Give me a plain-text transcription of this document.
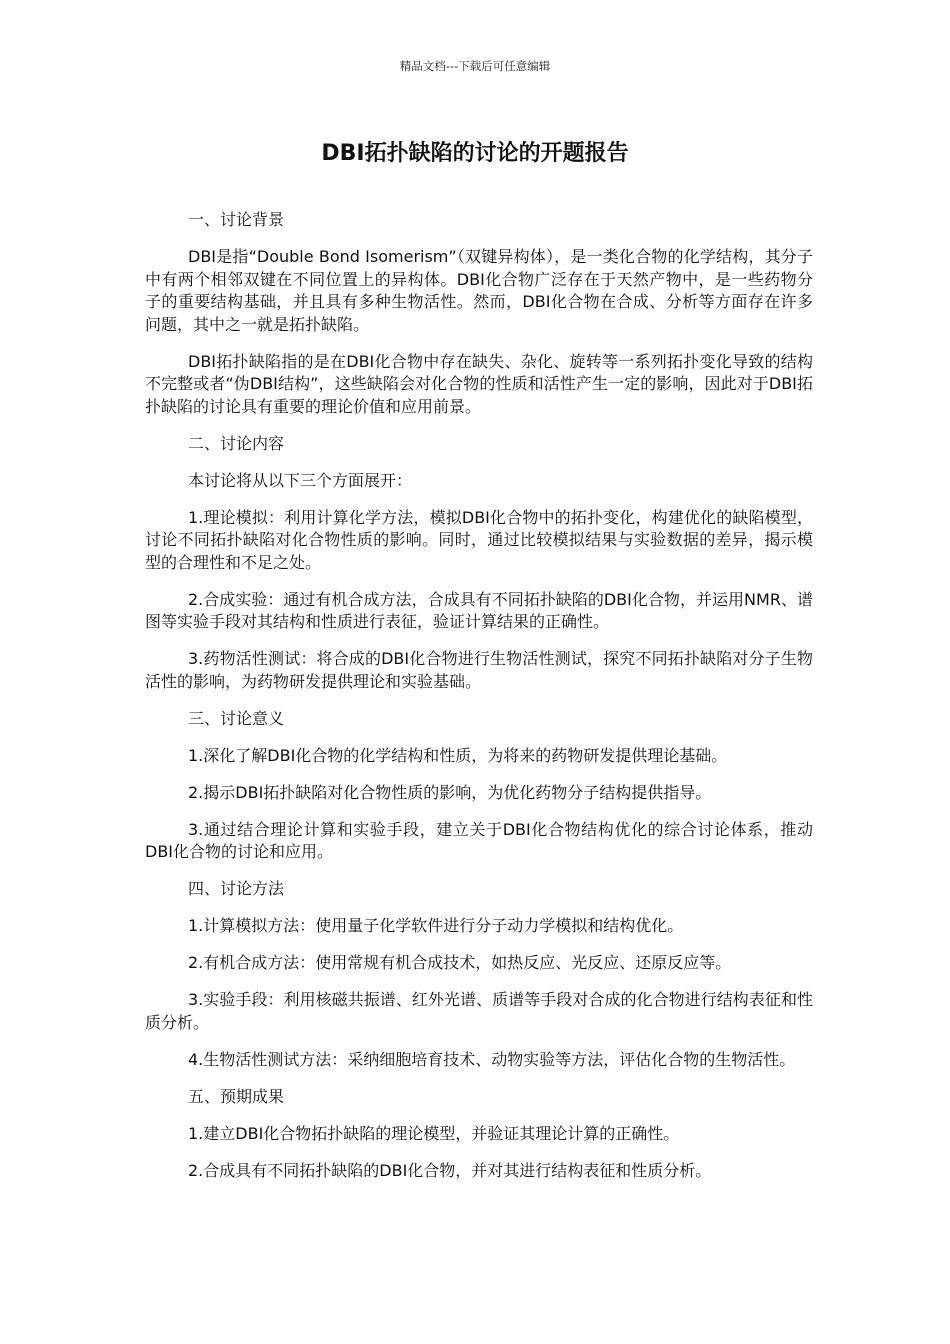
精品文档---下载后可任意编辑
DBI拓扑缺陷的讨论的开题报告

一、讨论背景

DBI是指“Double Bond Isomerism”（双键异构体），是一类化合物的化学结构，其分子中有两个相邻双键在不同位置上的异构体。DBI化合物广泛存在于天然产物中，是一些药物分子的重要结构基础，并且具有多种生物活性。然而，DBI化合物在合成、分析等方面存在许多问题，其中之一就是拓扑缺陷。

DBI拓扑缺陷指的是在DBI化合物中存在缺失、杂化、旋转等一系列拓扑变化导致的结构不完整或者“伪DBI结构”，这些缺陷会对化合物的性质和活性产生一定的影响，因此对于DBI拓扑缺陷的讨论具有重要的理论价值和应用前景。

二、讨论内容

本讨论将从以下三个方面展开：

1.理论模拟：利用计算化学方法，模拟DBI化合物中的拓扑变化，构建优化的缺陷模型，讨论不同拓扑缺陷对化合物性质的影响。同时，通过比较模拟结果与实验数据的差异，揭示模型的合理性和不足之处。

2.合成实验：通过有机合成方法，合成具有不同拓扑缺陷的DBI化合物，并运用NMR、谱图等实验手段对其结构和性质进行表征，验证计算结果的正确性。

3.药物活性测试：将合成的DBI化合物进行生物活性测试，探究不同拓扑缺陷对分子生物活性的影响，为药物研发提供理论和实验基础。

三、讨论意义

1.深化了解DBI化合物的化学结构和性质，为将来的药物研发提供理论基础。

2.揭示DBI拓扑缺陷对化合物性质的影响，为优化药物分子结构提供指导。

3.通过结合理论计算和实验手段，建立关于DBI化合物结构优化的综合讨论体系，推动DBI化合物的讨论和应用。

四、讨论方法

1.计算模拟方法：使用量子化学软件进行分子动力学模拟和结构优化。

2.有机合成方法：使用常规有机合成技术，如热反应、光反应、还原反应等。

3.实验手段：利用核磁共振谱、红外光谱、质谱等手段对合成的化合物进行结构表征和性质分析。

4.生物活性测试方法：采纳细胞培育技术、动物实验等方法，评估化合物的生物活性。

五、预期成果

1.建立DBI化合物拓扑缺陷的理论模型，并验证其理论计算的正确性。

2.合成具有不同拓扑缺陷的DBI化合物，并对其进行结构表征和性质分析。
